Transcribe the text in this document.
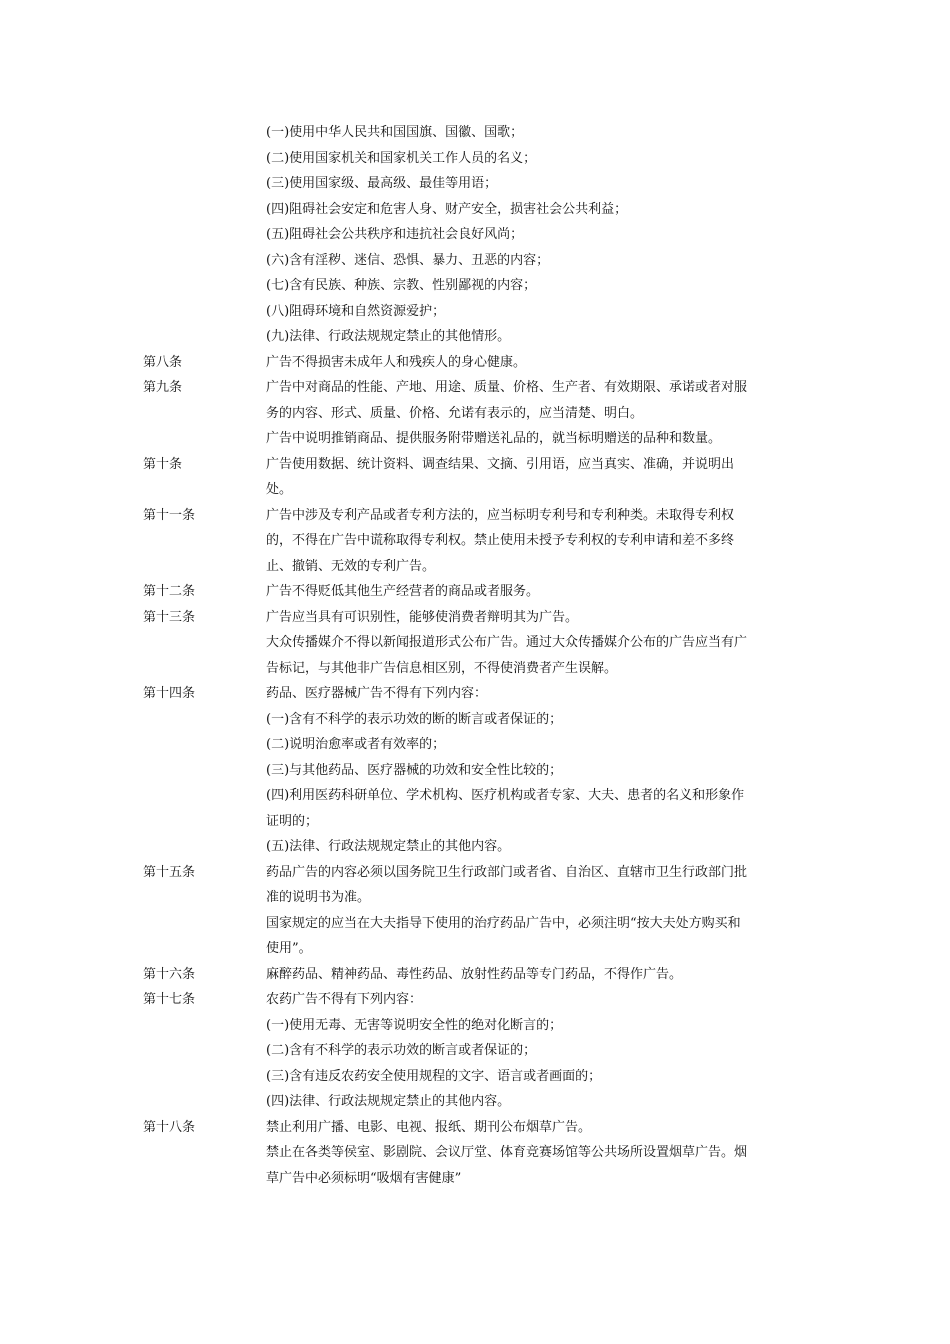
(一)使用中华人民共和国国旗、国徽、国歌；
(二)使用国家机关和国家机关工作人员的名义；
(三)使用国家级、最高级、最佳等用语；
(四)阻碍社会安定和危害人身、财产安全，损害社会公共利益；
(五)阻碍社会公共秩序和违抗社会良好风尚；
(六)含有淫秽、迷信、恐惧、暴力、丑恶的内容；
(七)含有民族、种族、宗教、性别鄙视的内容；
(八)阻碍环境和自然资源爱护；
(九)法律、行政法规规定禁止的其他情形。
第八条	广告不得损害未成年人和残疾人的身心健康。
第九条	广告中对商品的性能、产地、用途、质量、价格、生产者、有效期限、承诺或者对服
务的内容、形式、质量、价格、允诺有表示的，应当清楚、明白。
广告中说明推销商品、提供服务附带赠送礼品的，就当标明赠送的品种和数量。
第十条	广告使用数据、统计资料、调查结果、文摘、引用语，应当真实、准确，并说明出
处。
第十一条	广告中涉及专利产品或者专利方法的，应当标明专利号和专利种类。未取得专利权
的，不得在广告中谎称取得专利权。禁止使用未授予专利权的专利申请和差不多终
止、撤销、无效的专利广告。
第十二条	广告不得贬低其他生产经营者的商品或者服务。
第十三条	广告应当具有可识别性，能够使消费者辩明其为广告。
大众传播媒介不得以新闻报道形式公布广告。通过大众传播媒介公布的广告应当有广
告标记，与其他非广告信息相区别，不得使消费者产生误解。
第十四条	药品、医疗器械广告不得有下列内容：
(一)含有不科学的表示功效的断的断言或者保证的；
(二)说明治愈率或者有效率的；
(三)与其他药品、医疗器械的功效和安全性比较的；
(四)利用医药科研单位、学术机构、医疗机构或者专家、大夫、患者的名义和形象作
证明的；
(五)法律、行政法规规定禁止的其他内容。
第十五条	药品广告的内容必须以国务院卫生行政部门或者省、自治区、直辖市卫生行政部门批
准的说明书为准。
国家规定的应当在大夫指导下使用的治疗药品广告中，必须注明“按大夫处方购买和
使用”。
第十六条	麻醉药品、精神药品、毒性药品、放射性药品等专门药品，不得作广告。
第十七条	农药广告不得有下列内容：
(一)使用无毒、无害等说明安全性的绝对化断言的；
(二)含有不科学的表示功效的断言或者保证的；
(三)含有违反农药安全使用规程的文字、语言或者画面的；
(四)法律、行政法规规定禁止的其他内容。
第十八条	禁止利用广播、电影、电视、报纸、期刊公布烟草广告。
禁止在各类等侯室、影剧院、会议厅堂、体育竞赛场馆等公共场所设置烟草广告。烟
草广告中必须标明“吸烟有害健康”
